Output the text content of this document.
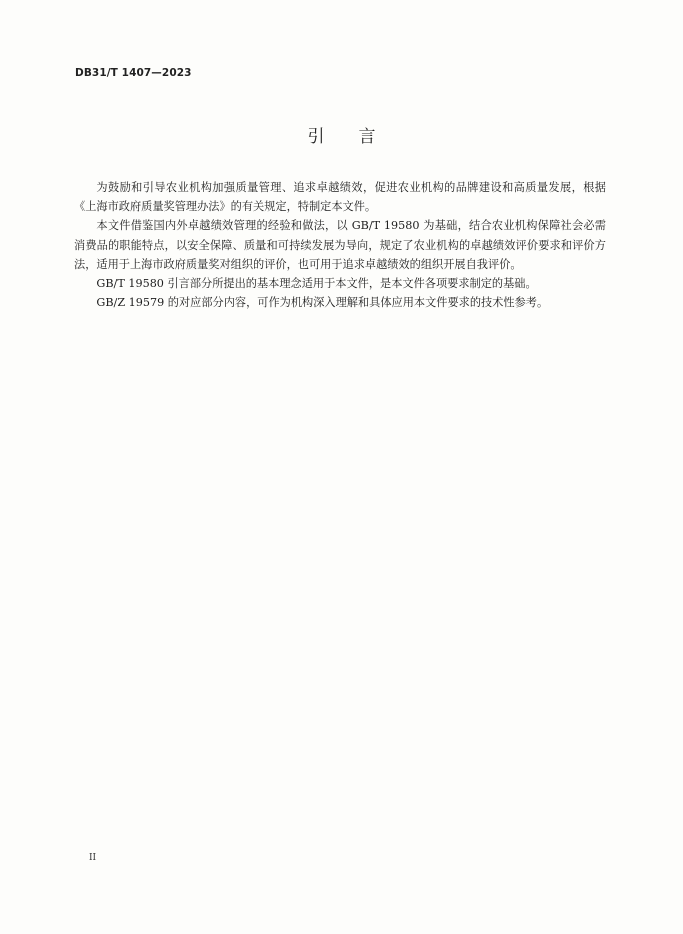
DB31/T 1407—2023
引言

为鼓励和引导农业机构加强质量管理、追求卓越绩效，促进农业机构的品牌建设和高质量发展，根据《上海市政府质量奖管理办法》的有关规定，特制定本文件。

本文件借鉴国内外卓越绩效管理的经验和做法，以 GB/T 19580 为基础，结合农业机构保障社会必需消费品的职能特点，以安全保障、质量和可持续发展为导向，规定了农业机构的卓越绩效评价要求和评价方法，适用于上海市政府质量奖对组织的评价，也可用于追求卓越绩效的组织开展自我评价。

GB/T 19580 引言部分所提出的基本理念适用于本文件，是本文件各项要求制定的基础。

GB/Z 19579 的对应部分内容，可作为机构深入理解和具体应用本文件要求的技术性参考。

II
